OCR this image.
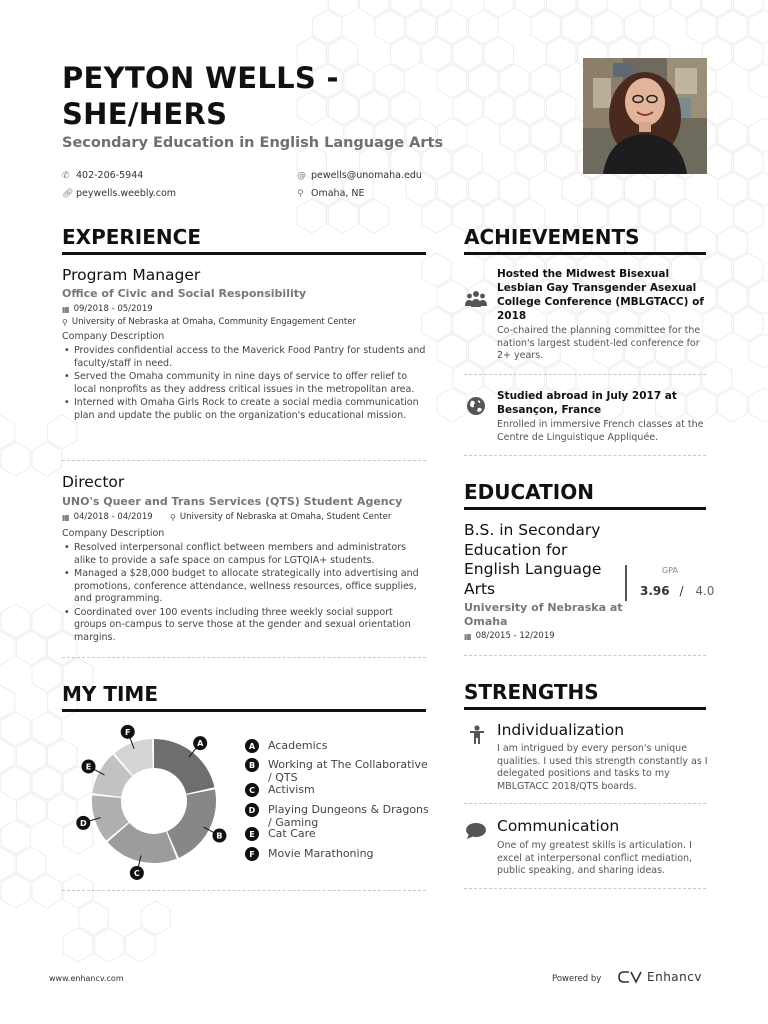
PEYTON WELLS - SHE/HERS
Secondary Education in English Language Arts
✆ 402-206-5944	@ pewells@unomaha.edu
🔗︎ peywells.weebly.com	⚲ Omaha, NE
EXPERIENCE
Program Manager
Office of Civic and Social Responsibility
▦ 09/2018 - 05/2019
⚲ University of Nebraska at Omaha, Community Engagement Center
Company Description
• Provides confidential access to the Maverick Food Pantry for students and faculty/staff in need.
• Served the Omaha community in nine days of service to offer relief to local nonprofits as they address critical issues in the metropolitan area.
• Interned with Omaha Girls Rock to create a social media communication plan and update the public on the organization's educational mission.
Director
UNO's Queer and Trans Services (QTS) Student Agency
▦ 04/2018 - 04/2019 ⚲ University of Nebraska at Omaha, Student Center
Company Description
• Resolved interpersonal conflict between members and administrators alike to provide a safe space on campus for LGTQIA+ students.
• Managed a $28,000 budget to allocate strategically into advertising and promotions, conference attendance, wellness resources, office supplies, and programming.
• Coordinated over 100 events including three weekly social support groups on-campus to serve those at the gender and sexual orientation margins.
MY TIME
A
B
C
D
E
F
A	Academics
B	Working at The Collaborative / QTS
C	Activism
D	Playing Dungeons & Dragons / Gaming
E	Cat Care
F	Movie Marathoning
ACHIEVEMENTS
Hosted the Midwest Bisexual Lesbian Gay Transgender Asexual College Conference (MBLGTACC) of 2018
Co-chaired the planning committee for the nation's largest student-led conference for 2+ years.
Studied abroad in July 2017 at Besançon, France
Enrolled in immersive French classes at the Centre de Linguistique Appliquée.
EDUCATION
B.S. in Secondary Education for English Language Arts
University of Nebraska at Omaha
▦ 08/2015 - 12/2019
GPA
3.96 / 4.0
STRENGTHS
Individualization
I am intrigued by every person's unique qualities. I used this strength constantly as I delegated positions and tasks to my MBLGTACC 2018/QTS boards.
Communication
One of my greatest skills is articulation. I excel at interpersonal conflict mediation, public speaking, and sharing ideas.
www.enhancv.com	Powered by	Enhancv
